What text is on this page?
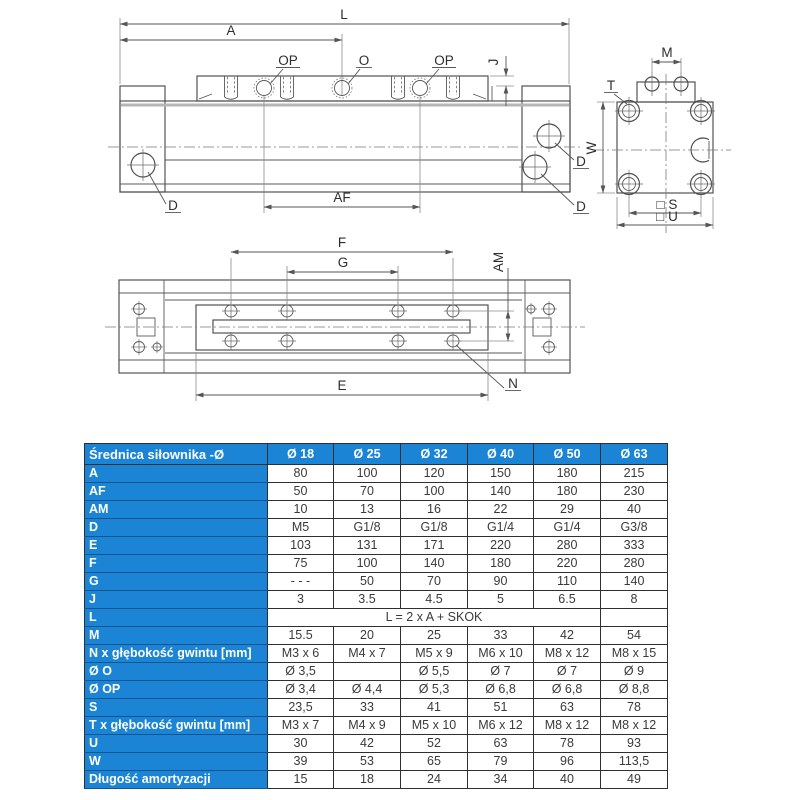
L
A
OP	O	OP J
D
D
D
AF
M
T
W
□ S
□ U
F
G	AM
E	N
Średnica siłownika -Ø	Ø 18	Ø 25	Ø 32	Ø 40	Ø 50	Ø 63
A	80	100	120	150	180	215
AF	50	70	100	140	180	230
AM	10	13	16	22	29	40
D	M5	G1/8	G1/8	G1/4	G1/4	G3/8
E	103	131	171	220	280	333
F	75	100	140	180	220	280
G	- - -	50	70	90	110	140
J	3	3.5	4.5	5	6.5	8
L	L = 2 x A + SKOK					
M	15.5	20	25	33	42	54
N x głębokość gwintu [mm]	M3 x 6	M4 x 7	M5 x 9	M6 x 10	M8 x 12	M8 x 15
Ø O	Ø 3,5		Ø 5,5	Ø 7	Ø 7	Ø 9
Ø OP	Ø 3,4	Ø 4,4	Ø 5,3	Ø 6,8	Ø 6,8	Ø 8,8
S	23,5	33	41	51	63	78
T x głębokość gwintu [mm]	M3 x 7	M4 x 9	M5 x 10	M6 x 12	M8 x 12	M8 x 12
U	30	42	52	63	78	93
W	39	53	65	79	96	113,5
Długość amortyzacji	15	18	24	34	40	49
